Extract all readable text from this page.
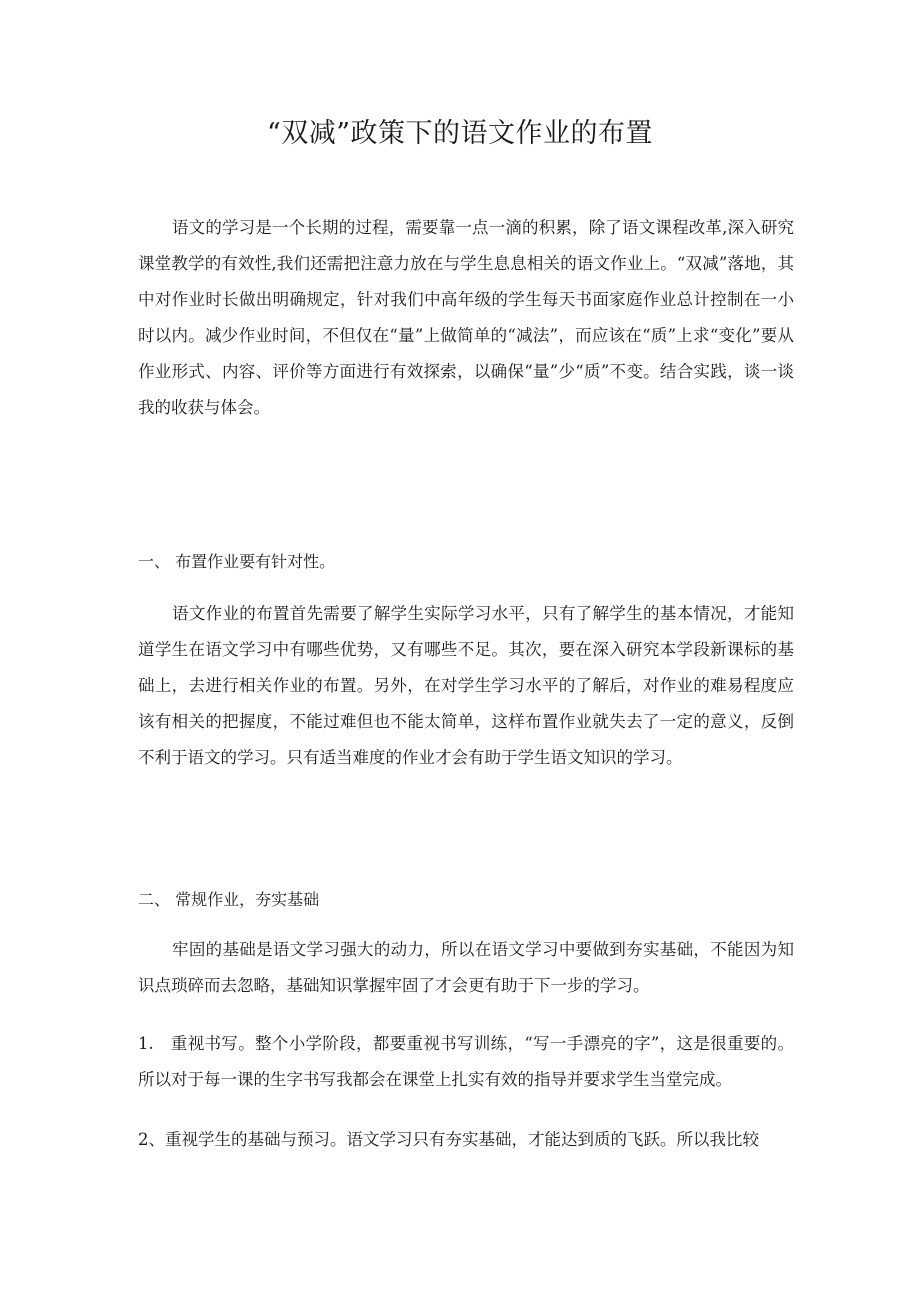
“双减”政策下的语文作业的布置

语文的学习是一个长期的过程，需要靠一点一滴的积累，除了语文课程改革,深入研究课堂教学的有效性,我们还需把注意力放在与学生息息相关的语文作业上。“双减”落地，其中对作业时长做出明确规定，针对我们中高年级的学生每天书面家庭作业总计控制在一小时以内。减少作业时间，不但仅在“量”上做简单的“减法”，而应该在“质”上求“变化”要从作业形式、内容、评价等方面进行有效探索，以确保“量”少“质”不变。结合实践，谈一谈我的收获与体会。

一、 布置作业要有针对性。

语文作业的布置首先需要了解学生实际学习水平，只有了解学生的基本情况，才能知道学生在语文学习中有哪些优势，又有哪些不足。其次，要在深入研究本学段新课标的基础上，去进行相关作业的布置。另外，在对学生学习水平的了解后，对作业的难易程度应该有相关的把握度，不能过难但也不能太简单，这样布置作业就失去了一定的意义，反倒不利于语文的学习。只有适当难度的作业才会有助于学生语文知识的学习。

二、 常规作业，夯实基础

牢固的基础是语文学习强大的动力，所以在语文学习中要做到夯实基础，不能因为知识点琐碎而去忽略，基础知识掌握牢固了才会更有助于下一步的学习。

1.　重视书写。整个小学阶段，都要重视书写训练，“写一手漂亮的字”，这是很重要的。所以对于每一课的生字书写我都会在课堂上扎实有效的指导并要求学生当堂完成。

2、重视学生的基础与预习。语文学习只有夯实基础，才能达到质的飞跃。所以我比较
